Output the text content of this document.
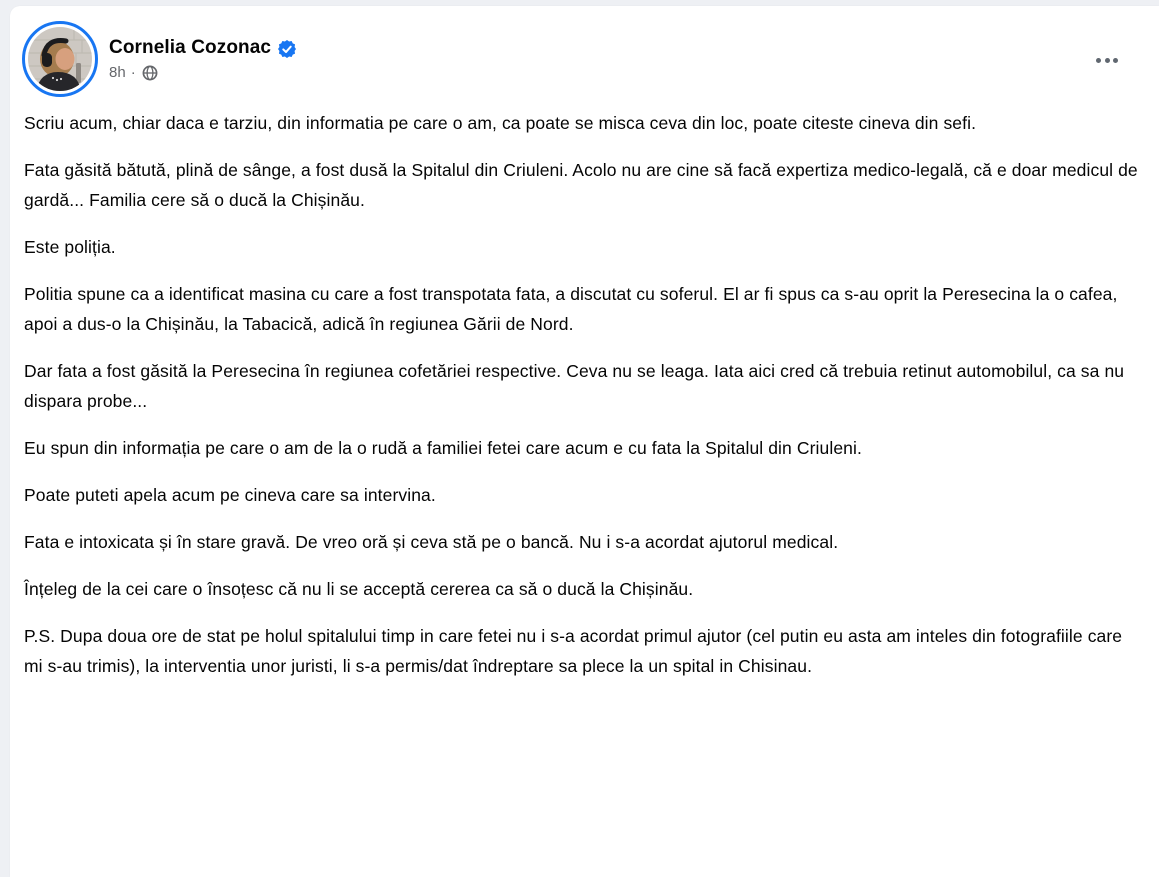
Cornelia Cozonac
8h ·

Scriu acum, chiar daca e tarziu, din informatia pe care o am, ca poate se misca ceva din loc, poate citeste cineva din sefi.

Fata găsită bătută, plină de sânge, a fost dusă la Spitalul din Criuleni. Acolo nu are cine să facă expertiza medico-legală, că e doar medicul de gardă... Familia cere să o ducă la Chișinău.

Este poliția.

Politia spune ca a identificat masina cu care a fost transpotata fata, a discutat cu soferul. El ar fi spus ca s-au oprit la Peresecina la o cafea, apoi a dus-o la Chișinău, la Tabacică, adică în regiunea Gării de Nord.

Dar fata a fost găsită la Peresecina în regiunea cofetăriei respective. Ceva nu se leaga. Iata aici cred că trebuia retinut automobilul, ca sa nu dispara probe...

Eu spun din informația pe care o am de la o rudă a familiei fetei care acum e cu fata la Spitalul din Criuleni.

Poate puteti apela acum pe cineva care sa intervina.

Fata e intoxicata și în stare gravă. De vreo oră și ceva stă pe o bancă. Nu i s-a acordat ajutorul medical.

Înțeleg de la cei care o însoțesc că nu li se acceptă cererea ca să o ducă la Chișinău.

P.S. Dupa doua ore de stat pe holul spitalului timp in care fetei nu i s-a acordat primul ajutor (cel putin eu asta am inteles din fotografiile care mi s-au trimis), la interventia unor juristi, li s-a permis/dat îndreptare sa plece la un spital in Chisinau.
